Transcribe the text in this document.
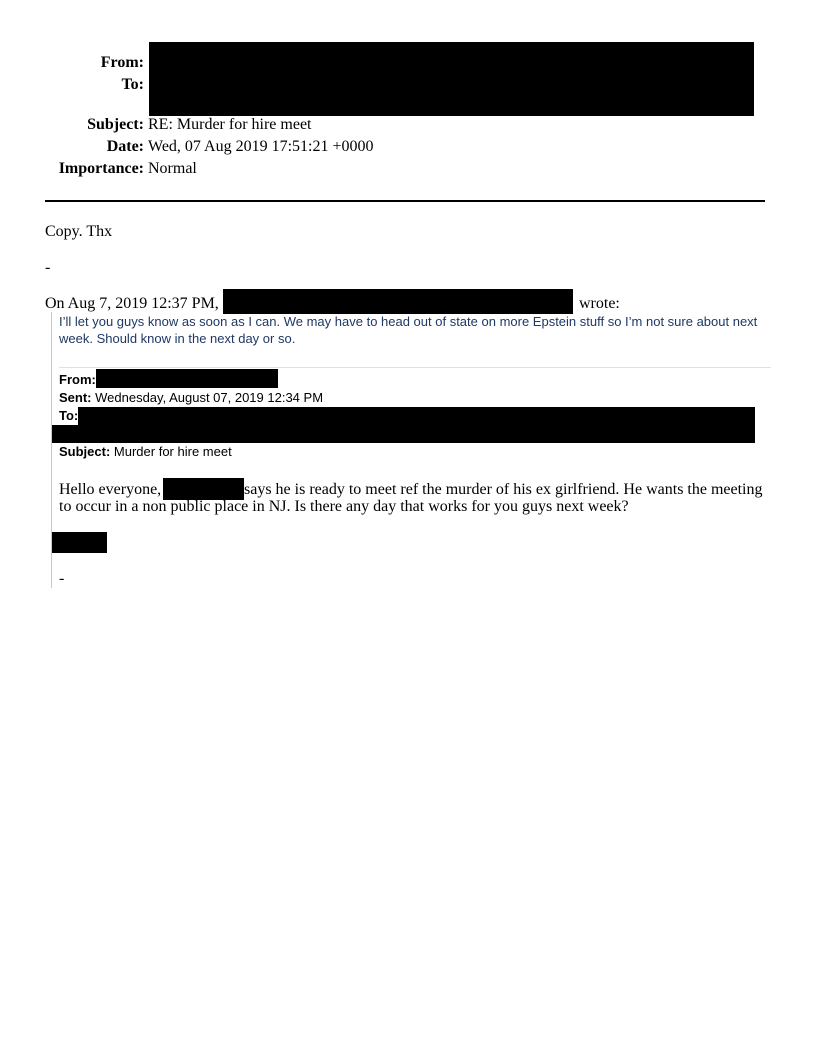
From:
To:
Subject: RE: Murder for hire meet
Date: Wed, 07 Aug 2019 17:51:21 +0000
Importance: Normal
Copy. Thx
-
On Aug 7, 2019 12:37 PM,	wrote:
I’ll let you guys know as soon as I can. We may have to head out of state on more Epstein stuff so I’m not sure about next week. Should know in the next day or so.
From:
Sent: Wednesday, August 07, 2019 12:34 PM
To:
Subject: Murder for hire meet
Hello everyone,	says he is ready to meet ref the murder of his ex girlfriend. He wants the meeting
to occur in a non public place in NJ. Is there any day that works for you guys next week?
-
